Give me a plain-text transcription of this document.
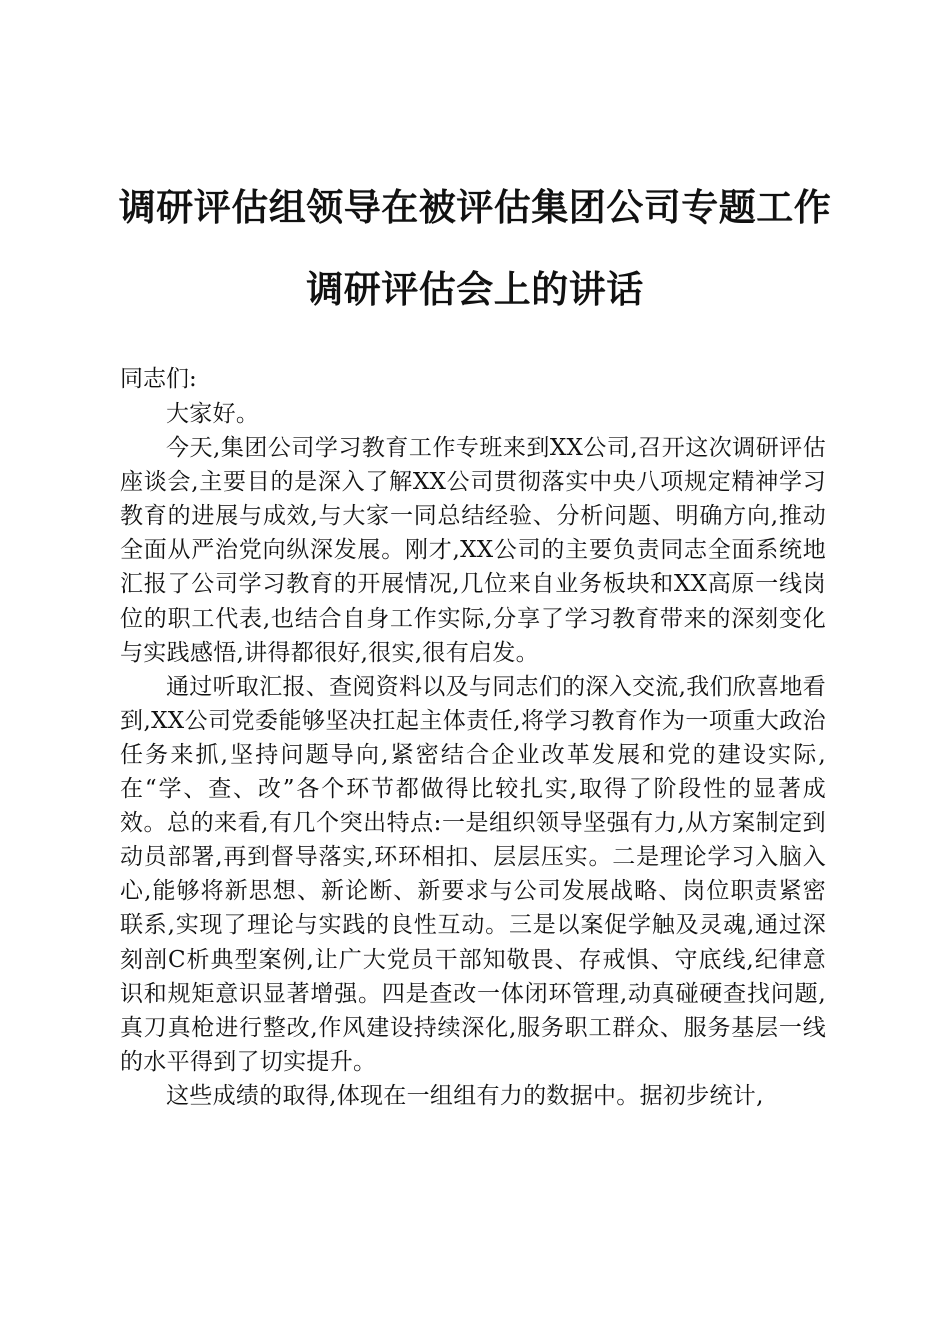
调研评估组领导在被评估集团公司专题工作调研评估会上的讲话

同志们:

大家好。

今天,集团公司学习教育工作专班来到XX公司,召开这次调研评估座谈会,主要目的是深入了解XX公司贯彻落实中央八项规定精神学习教育的进展与成效,与大家一同总结经验、分析问题、明确方向,推动全面从严治党向纵深发展。刚才,XX公司的主要负责同志全面系统地汇报了公司学习教育的开展情况,几位来自业务板块和XX高原一线岗位的职工代表,也结合自身工作实际,分享了学习教育带来的深刻变化与实践感悟,讲得都很好,很实,很有启发。

通过听取汇报、查阅资料以及与同志们的深入交流,我们欣喜地看到,XX公司党委能够坚决扛起主体责任,将学习教育作为一项重大政治任务来抓,坚持问题导向,紧密结合企业改革发展和党的建设实际,在“学、查、改”各个环节都做得比较扎实,取得了阶段性的显著成效。总的来看,有几个突出特点:一是组织领导坚强有力,从方案制定到动员部署,再到督导落实,环环相扣、层层压实。二是理论学习入脑入心,能够将新思想、新论断、新要求与公司发展战略、岗位职责紧密联系,实现了理论与实践的良性互动。三是以案促学触及灵魂,通过深刻剖C析典型案例,让广大党员干部知敬畏、存戒惧、守底线,纪律意识和规矩意识显著增强。四是查改一体闭环管理,动真碰硬查找问题,真刀真枪进行整改,作风建设持续深化,服务职工群众、服务基层一线的水平得到了切实提升。

这些成绩的取得,体现在一组组有力的数据中。据初步统计,
